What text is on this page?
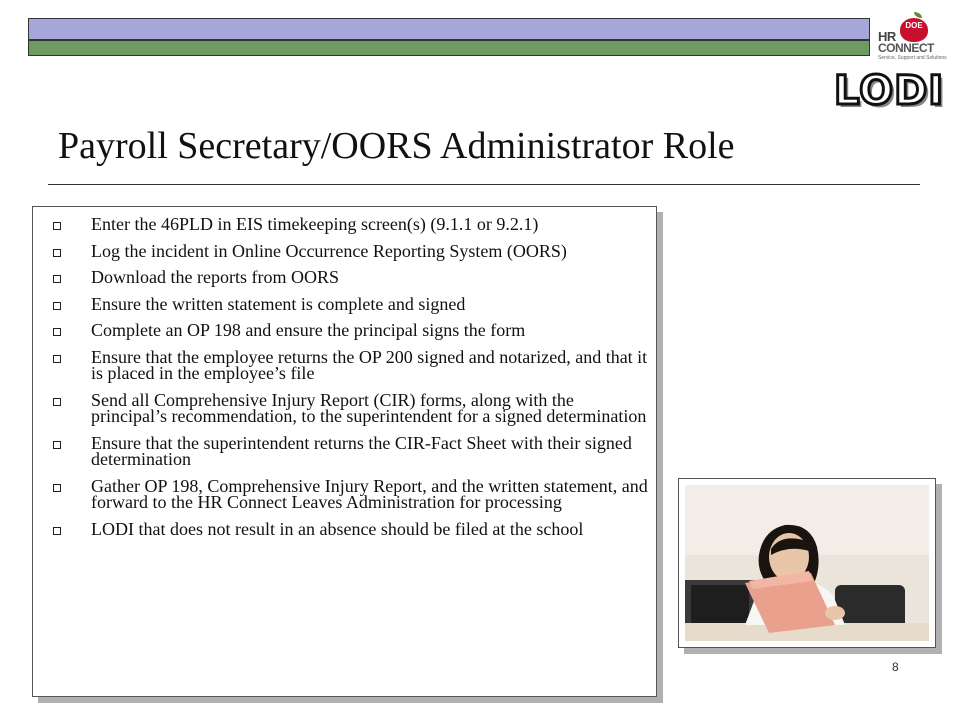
DOE
HR
CONNECT
Service, Support and Solutions
LODI
Payroll Secretary/OORS Administrator Role
Enter the 46PLD in EIS timekeeping screen(s) (9.1.1 or 9.2.1)
Log the incident in Online Occurrence Reporting System (OORS)
Download the reports from OORS
Ensure the written statement is complete and signed
Complete an OP 198 and ensure the principal signs the form
Ensure that the employee returns the OP 200 signed and notarized, and that it is placed in the employee’s file
Send all Comprehensive Injury Report (CIR) forms, along with the principal’s recommendation, to the superintendent for a signed determination
Ensure that the superintendent returns the CIR-Fact Sheet with their signed determination
Gather OP 198, Comprehensive Injury Report, and the written statement, and forward to the HR Connect Leaves Administration for processing
LODI that does not result in an absence should be filed at the school
8
